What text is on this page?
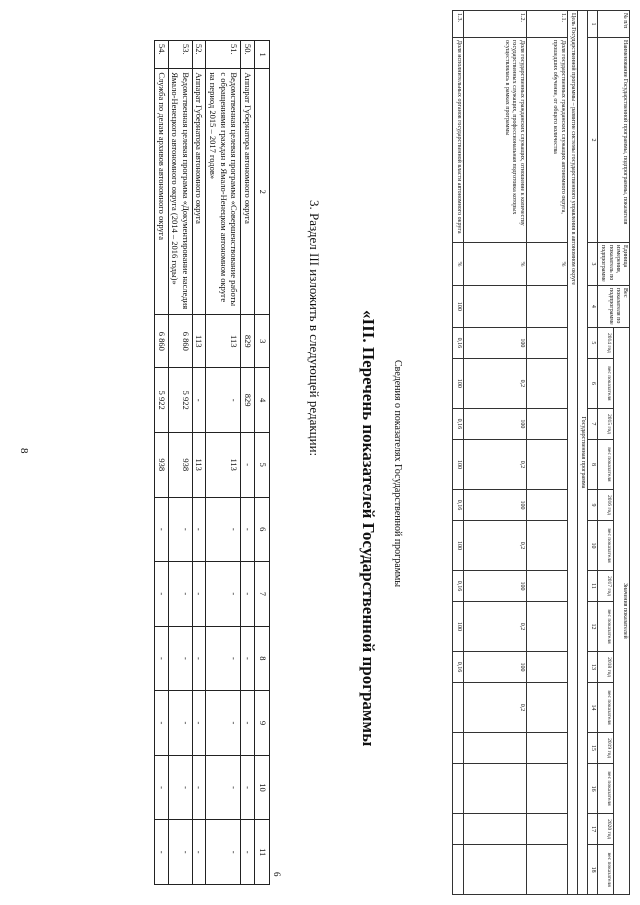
8
6
1	2	3	4	5	6	7	8	9	10	11
50.	Аппарат Губернатора автономного округа	829	829	-	-	-	-	-	-	-
51.	Ведомственная целевая программа «Совершенствование работы с обращениями граждан в Ямало-Ненецком автономном округе на период 2015 – 2017 годов»	113	-	113	-	-	-	-	-	-
52.	Аппарат Губернатора автономного округа	113	-	113	-	-	-	-	-	-
53.	Ведомственная целевая программа «Документирование наследия Ямало-Ненецкого автономного округа (2014 – 2016 годы)»	6 860	5 922	938	-	-	-	-	-	-
54.	Служба по делам архивов автономного округа	6 860	5 922	938	-	-	-	-	-	-
3. Раздел III изложить в следующей редакции: «III. Перечень показателей Государственной программы Сведения о показателях Государственной программы
№ п/п	Наименование Государственной программы, подпрограммы, показателя	Единица измерения, показатель по подпрограмме	Вес показателя по подпрограмме	Значения показателей													
				2014 год	вес показателя	2015 год	вес показателя	2016 год	вес показателя	2017 год	вес показателя	2018 год	вес показателя	2019 год	вес показателя	2020 год	вес показателя
1	2	3	4	5	6	7	8	9	10	11	12	13	14	15	16	17	18
Государственная программа																	
Цель Государственной программы – развитие системы государственного управления в автономном округе																	
1.1.	Доля государственных гражданских служащих автономного округа, прошедших обучение, от общего количества	%															
1.2.	Доля государственных гражданских служащих, отношение к количеству государственных служащих, профессиональная подготовка которых осуществлялась в рамках программы	%		100	0,2	100	0,2	100	0,2	100	0,2	100	0,2				
1.3.	Доля исполнительных органов государственной власти автономного округа	%	100	0,16	100	0,16	100	0,16	100	0,16	100	0,16					
